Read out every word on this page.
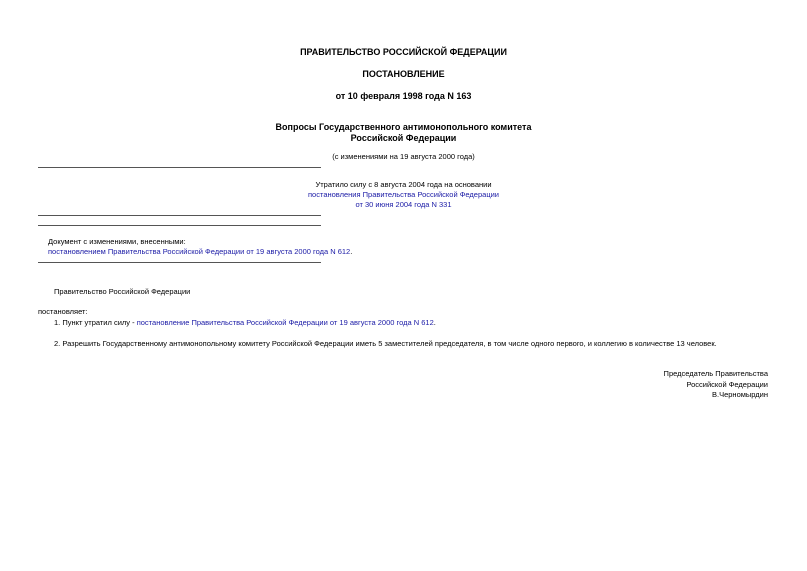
ПРАВИТЕЛЬСТВО РОССИЙСКОЙ ФЕДЕРАЦИИ
ПОСТАНОВЛЕНИЕ
от 10 февраля 1998 года N 163
Вопросы Государственного антимонопольного комитета
Российской Федерации
(с изменениями на 19 августа 2000 года)
Утратило силу с 8 августа 2004 года на основании
постановления Правительства Российской Федерации
от 30 июня 2004 года N 331
Документ с изменениями, внесенными:
постановлением Правительства Российской Федерации от 19 августа 2000 года N 612.
Правительство Российской Федерации
постановляет:
1. Пункт утратил силу - постановление Правительства Российской Федерации от 19 августа 2000 года N 612.
2. Разрешить Государственному антимонопольному комитету Российской Федерации иметь 5 заместителей председателя, в том числе одного первого, и коллегию в количестве 13 человек.
Председатель Правительства
Российской Федерации
В.Черномырдин
